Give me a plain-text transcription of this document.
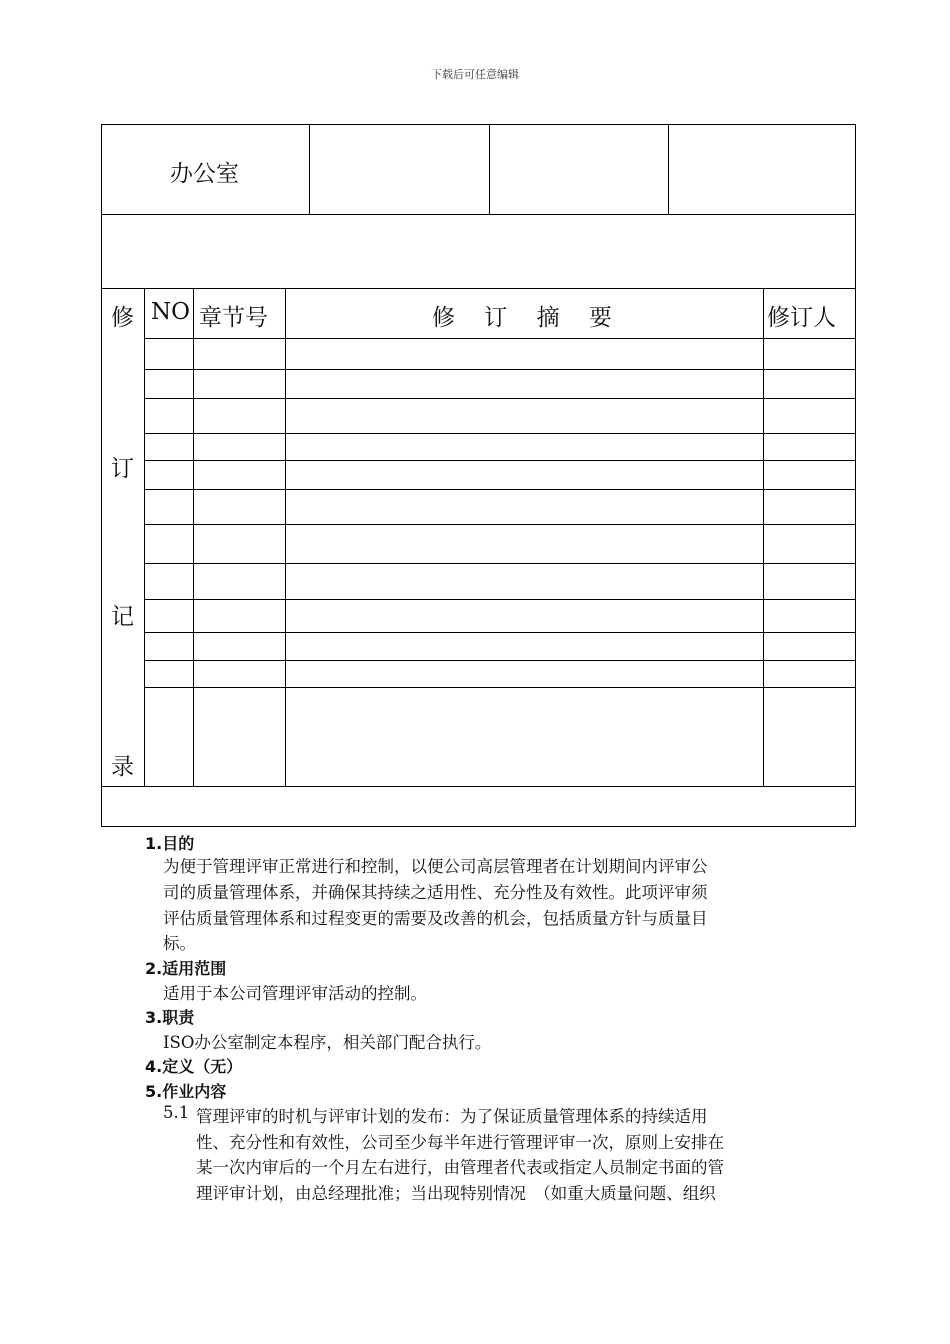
下载后可任意编辑
办公室
修
订
记
录
NO 章节号	修 订 摘 要	修订人
1.目的
为便于管理评审正常进行和控制，以便公司高层管理者在计划期间内评审公
司的质量管理体系，并确保其持续之适用性、充分性及有效性。此项评审须
评估质量管理体系和过程变更的需要及改善的机会，包括质量方针与质量目
标。
2.适用范围
适用于本公司管理评审活动的控制。
3.职责
ISO办公室制定本程序，相关部门配合执行。
4.定义（无）
5.作业内容
5.1 管理评审的时机与评审计划的发布：为了保证质量管理体系的持续适用
性、充分性和有效性，公司至少每半年进行管理评审一次，原则上安排在
某一次内审后的一个月左右进行，由管理者代表或指定人员制定书面的管
理评审计划，由总经理批准；当出现特别情况　（如重大质量问题、组织
